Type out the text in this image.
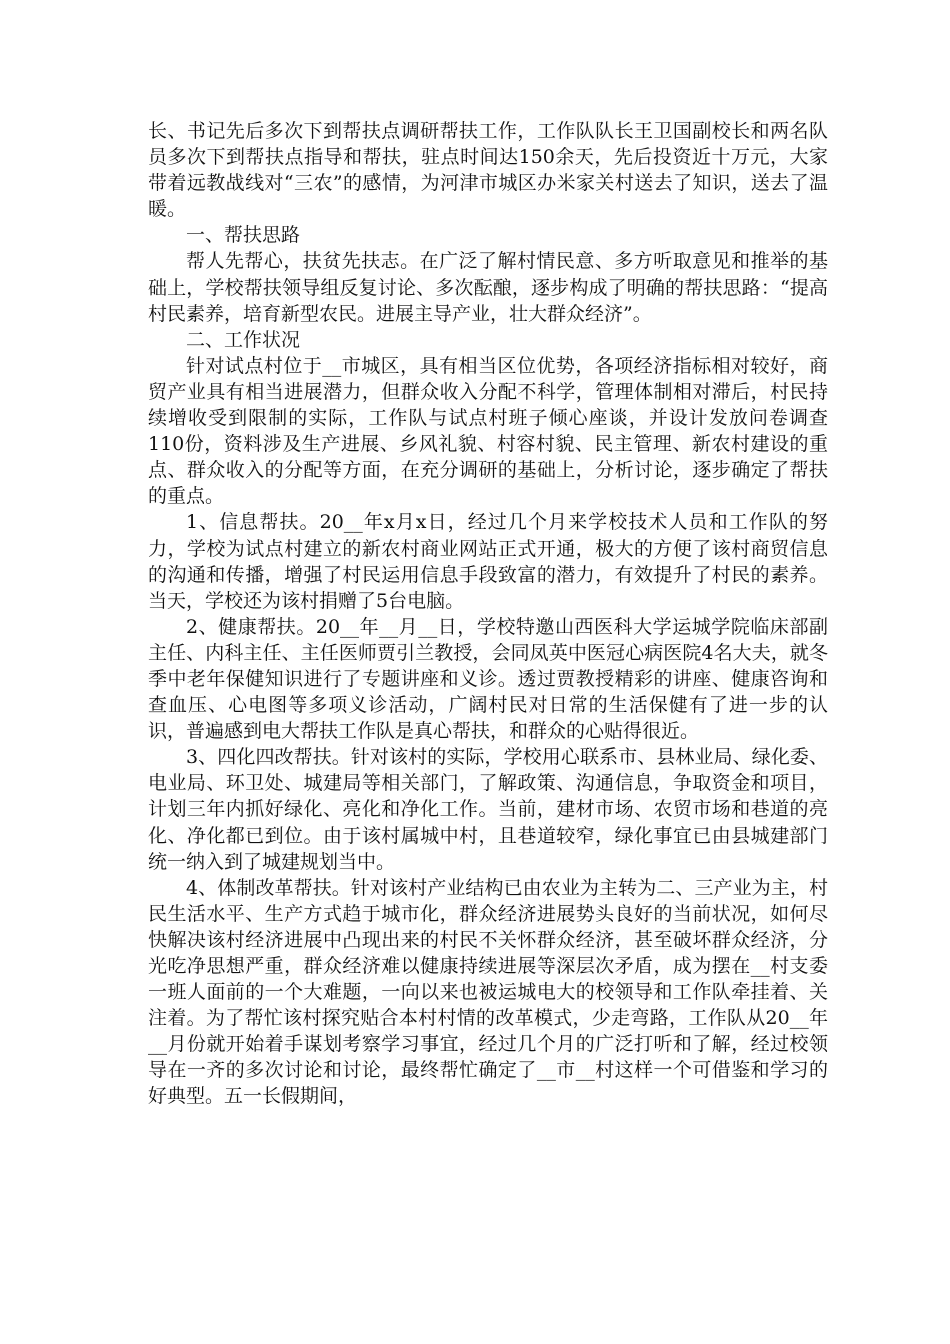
长、书记先后多次下到帮扶点调研帮扶工作，工作队队长王卫国副校长和两名队员多次下到帮扶点指导和帮扶，驻点时间达150余天，先后投资近十万元，大家带着远教战线对“三农”的感情，为河津市城区办米家关村送去了知识，送去了温暖。

一、帮扶思路

帮人先帮心，扶贫先扶志。在广泛了解村情民意、多方听取意见和推举的基础上，学校帮扶领导组反复讨论、多次酝酿，逐步构成了明确的帮扶思路：“提高村民素养，培育新型农民。进展主导产业，壮大群众经济”。

二、工作状况

针对试点村位于__市城区，具有相当区位优势，各项经济指标相对较好，商贸产业具有相当进展潜力，但群众收入分配不科学，管理体制相对滞后，村民持续增收受到限制的实际，工作队与试点村班子倾心座谈，并设计发放问卷调查110份，资料涉及生产进展、乡风礼貌、村容村貌、民主管理、新农村建设的重点、群众收入的分配等方面，在充分调研的基础上，分析讨论，逐步确定了帮扶的重点。

1、信息帮扶。20__年x月x日，经过几个月来学校技术人员和工作队的努力，学校为试点村建立的新农村商业网站正式开通，极大的方便了该村商贸信息的沟通和传播，增强了村民运用信息手段致富的潜力，有效提升了村民的素养。当天，学校还为该村捐赠了5台电脑。

2、健康帮扶。20__年__月__日，学校特邀山西医科大学运城学院临床部副主任、内科主任、主任医师贾引兰教授，会同凤英中医冠心病医院4名大夫，就冬季中老年保健知识进行了专题讲座和义诊。透过贾教授精彩的讲座、健康咨询和查血压、心电图等多项义诊活动，广阔村民对日常的生活保健有了进一步的认识，普遍感到电大帮扶工作队是真心帮扶，和群众的心贴得很近。

3、四化四改帮扶。针对该村的实际，学校用心联系市、县林业局、绿化委、电业局、环卫处、城建局等相关部门，了解政策、沟通信息，争取资金和项目，计划三年内抓好绿化、亮化和净化工作。当前，建材市场、农贸市场和巷道的亮化、净化都已到位。由于该村属城中村，且巷道较窄，绿化事宜已由县城建部门统一纳入到了城建规划当中。

4、体制改革帮扶。针对该村产业结构已由农业为主转为二、三产业为主，村民生活水平、生产方式趋于城市化，群众经济进展势头良好的当前状况，如何尽快解决该村经济进展中凸现出来的村民不关怀群众经济，甚至破坏群众经济，分光吃净思想严重，群众经济难以健康持续进展等深层次矛盾，成为摆在__村支委一班人面前的一个大难题，一向以来也被运城电大的校领导和工作队牵挂着、关注着。为了帮忙该村探究贴合本村村情的改革模式，少走弯路，工作队从20__年__月份就开始着手谋划考察学习事宜，经过几个月的广泛打听和了解，经过校领导在一齐的多次讨论和讨论，最终帮忙确定了__市__村这样一个可借鉴和学习的好典型。五一长假期间，
